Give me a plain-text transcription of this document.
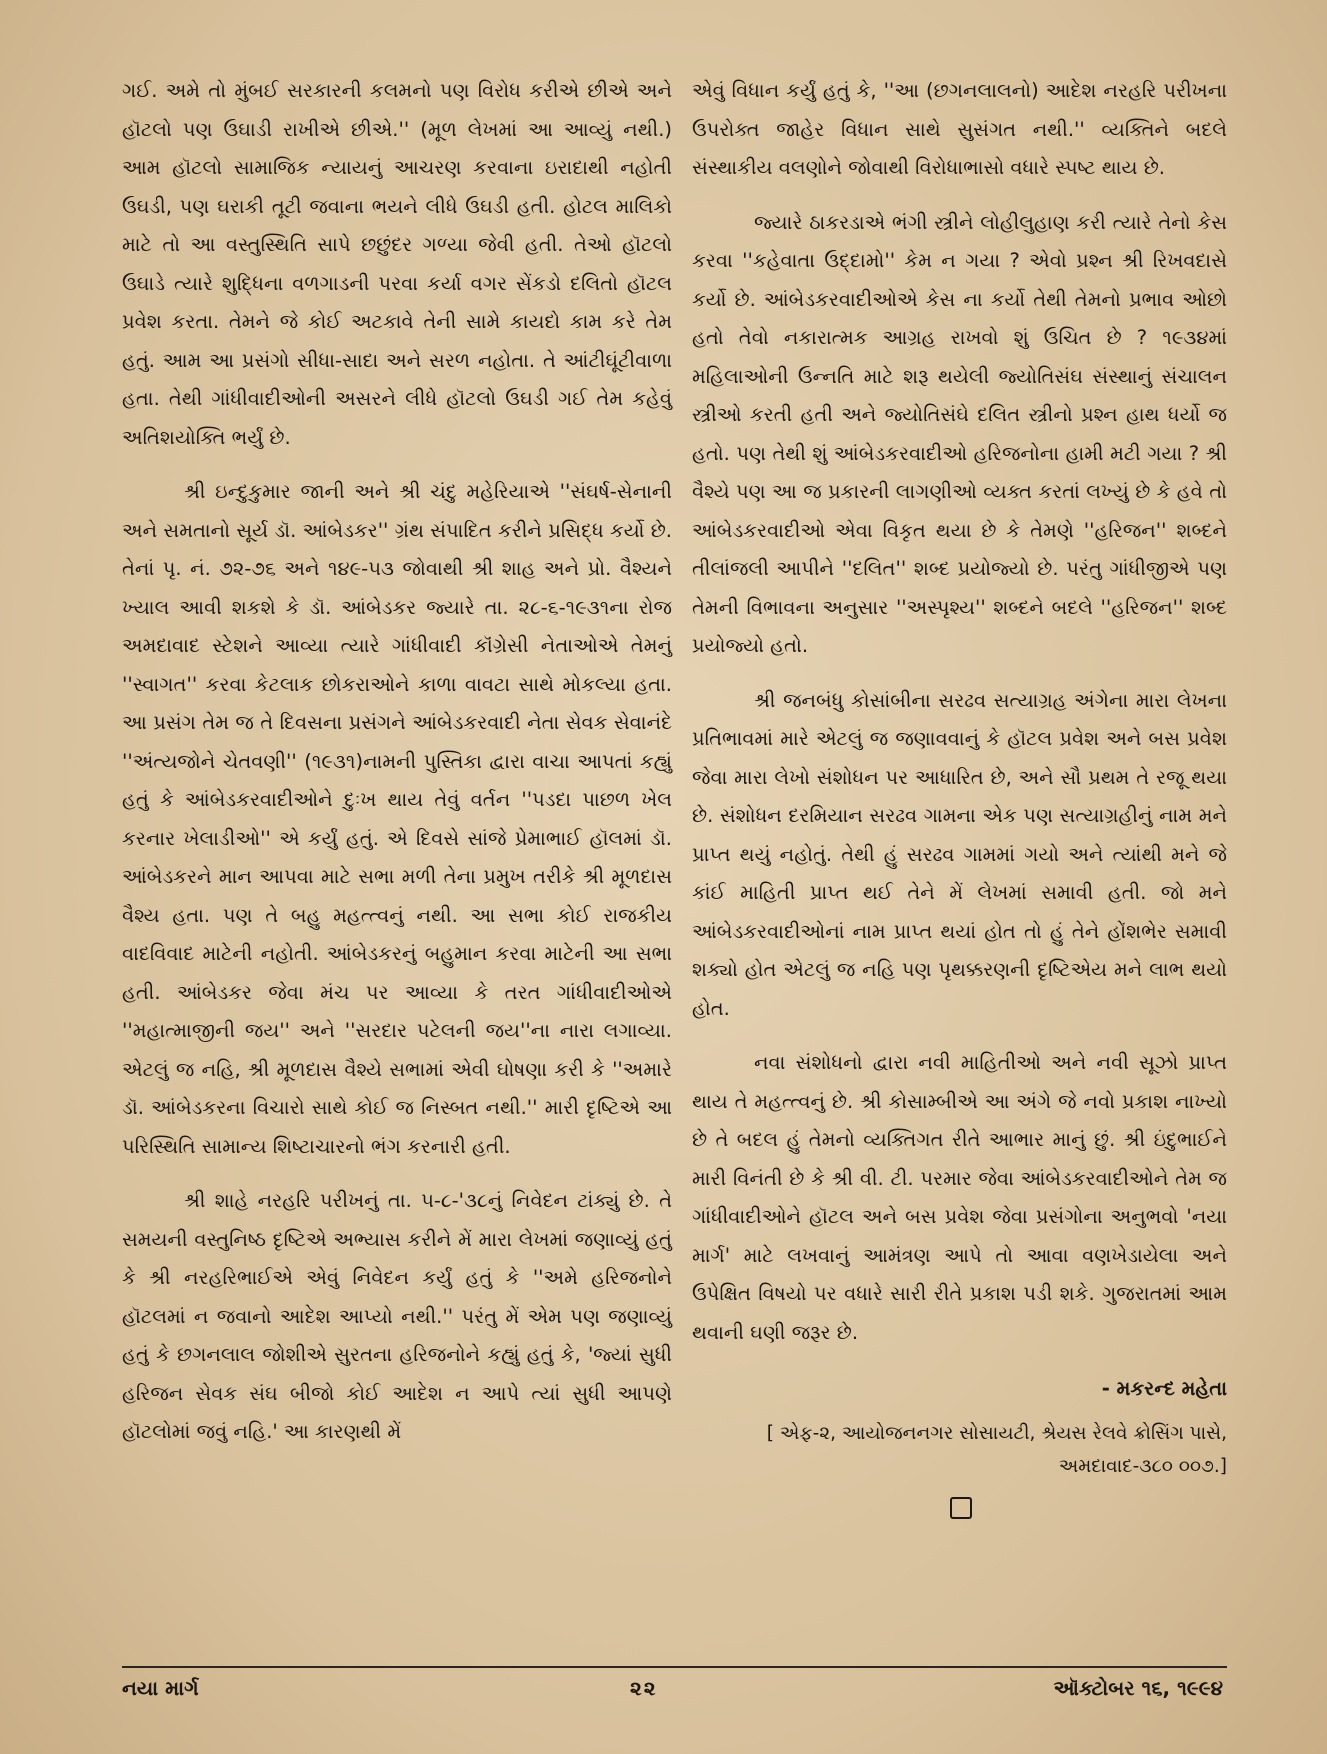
ગઈ. અમે તો મુંબઈ સરકારની કલમનો પણ વિરોધ કરીએ છીએ અને હૉટલો પણ ઉઘાડી રાખીએ છીએ.'' (મૂળ લેખમાં આ આવ્યું નથી.) આમ હૉટલો સામાજિક ન્યાયનું આચરણ કરવાના ઇરાદાથી નહોતી ઉઘડી, પણ ઘરાકી તૂટી જવાના ભયને લીધે ઉઘડી હતી. હોટલ માલિકો માટે તો આ વસ્તુસ્થિતિ સાપે છછુંદર ગળ્યા જેવી હતી. તેઓ હૉટલો ઉઘાડે ત્યારે શુદ્ધિના વળગાડની પરવા કર્યા વગર સેંકડો દલિતો હૉટલ પ્રવેશ કરતા. તેમને જે કોઈ અટકાવે તેની સામે કાયદો કામ કરે તેમ હતું. આમ આ પ્રસંગો સીધા-સાદા અને સરળ નહોતા. તે આંટીઘૂંટીવાળા હતા. તેથી ગાંધીવાદીઓની અસરને લીધે હૉટલો ઉઘડી ગઈ તેમ કહેવું અતિશયોક્તિ ભર્યું છે.

શ્રી ઇન્દુકુમાર જાની અને શ્રી ચંદુ મહેરિયાએ ''સંઘર્ષ-સેનાની અને સમતાનો સૂર્ય ડૉ. આંબેડકર'' ગ્રંથ સંપાદિત કરીને પ્રસિદ્ધ કર્યો છે. તેનાં પૃ. નં. ૭૨-૭૬ અને ૧૪૯-૫૩ જોવાથી શ્રી શાહ અને પ્રો. વૈશ્યને ખ્યાલ આવી શકશે કે ડૉ. આંબેડકર જ્યારે તા. ૨૮-૬-૧૯૩૧ના રોજ અમદાવાદ સ્ટેશને આવ્યા ત્યારે ગાંધીવાદી કૉંગ્રેસી નેતાઓએ તેમનું ''સ્વાગત'' કરવા કેટલાક છોકરાઓને કાળા વાવટા સાથે મોકલ્યા હતા. આ પ્રસંગ તેમ જ તે દિવસના પ્રસંગને આંબેડકરવાદી નેતા સેવક સેવાનંદે ''અંત્યજોને ચેતવણી'' (૧૯૩૧)નામની પુસ્તિકા દ્વારા વાચા આપતાં કહ્યું હતું કે આંબેડકરવાદીઓને દુઃખ થાય તેવું વર્તન ''પડદા પાછળ ખેલ કરનાર ખેલાડીઓ'' એ કર્યું હતું. એ દિવસે સાંજે પ્રેમાભાઈ હૉલમાં ડૉ. આંબેડકરને માન આપવા માટે સભા મળી તેના પ્રમુખ તરીકે શ્રી મૂળદાસ વૈશ્ય હતા. પણ તે બહુ મહત્ત્વનું નથી. આ સભા કોઈ રાજકીય વાદવિવાદ માટેની નહોતી. આંબેડકરનું બહુમાન કરવા માટેની આ સભા હતી. આંબેડકર જેવા મંચ પર આવ્યા કે તરત ગાંધીવાદીઓએ ''મહાત્માજીની જય'' અને ''સરદાર પટેલની જય''ના નારા લગાવ્યા. એટલું જ નહિ, શ્રી મૂળદાસ વૈશ્યે સભામાં એવી ઘોષણા કરી કે ''અમારે ડૉ. આંબેડકરના વિચારો સાથે કોઈ જ નિસ્બત નથી.'' મારી દૃષ્ટિએ આ પરિસ્થિતિ સામાન્ય શિષ્ટાચારનો ભંગ કરનારી હતી.

શ્રી શાહે નરહરિ પરીખનું તા. ૫-૮-'૩૮નું નિવેદન ટાંક્યું છે. તે સમયની વસ્તુનિષ્ઠ દૃષ્ટિએ અભ્યાસ કરીને મેં મારા લેખમાં જણાવ્યું હતું કે શ્રી નરહરિભાઈએ એવું નિવેદન કર્યું હતું કે ''અમે હરિજનોને હૉટલમાં ન જવાનો આદેશ આપ્યો નથી.'' પરંતુ મેં એમ પણ જણાવ્યું હતું કે છગનલાલ જોશીએ સુરતના હરિજનોને કહ્યું હતું કે, 'જ્યાં સુધી હરિજન સેવક સંઘ બીજો કોઈ આદેશ ન આપે ત્યાં સુધી આપણે હૉટલોમાં જવું નહિ.' આ કારણથી મેં

એવું વિધાન કર્યું હતું કે, ''આ (છગનલાલનો) આદેશ નરહરિ પરીખના ઉપરોક્ત જાહેર વિધાન સાથે સુસંગત નથી.'' વ્યક્તિને બદલે સંસ્થાકીય વલણોને જોવાથી વિરોધાભાસો વધારે સ્પષ્ટ થાય છે.

જ્યારે ઠાકરડાએ ભંગી સ્ત્રીને લોહીલુહાણ કરી ત્યારે તેનો કેસ કરવા ''કહેવાતા ઉદ્દામો'' કેમ ન ગયા ? એવો પ્રશ્ન શ્રી રિખવદાસે કર્યો છે. આંબેડકરવાદીઓએ કેસ ના કર્યો તેથી તેમનો પ્રભાવ ઓછો હતો તેવો નકારાત્મક આગ્રહ રાખવો શું ઉચિત છે ? ૧૯૩૪માં મહિલાઓની ઉન્નતિ માટે શરૂ થયેલી જ્યોતિસંઘ સંસ્થાનું સંચાલન સ્ત્રીઓ કરતી હતી અને જ્યોતિસંઘે દલિત સ્ત્રીનો પ્રશ્ન હાથ ધર્યો જ હતો. પણ તેથી શું આંબેડકરવાદીઓ હરિજનોના હામી મટી ગયા ? શ્રી વૈશ્યે પણ આ જ પ્રકારની લાગણીઓ વ્યક્ત કરતાં લખ્યું છે કે હવે તો આંબેડકરવાદીઓ એવા વિકૃત થયા છે કે તેમણે ''હરિજન'' શબ્દને તીલાંજલી આપીને ''દલિત'' શબ્દ પ્રયોજ્યો છે. પરંતુ ગાંધીજીએ પણ તેમની વિભાવના અનુસાર ''અસ્પૃશ્ય'' શબ્દને બદલે ''હરિજન'' શબ્દ પ્રયોજ્યો હતો.

શ્રી જનબંધુ કોસાંબીના સરઢવ સત્યાગ્રહ અંગેના મારા લેખના પ્રતિભાવમાં મારે એટલું જ જણાવવાનું કે હૉટલ પ્રવેશ અને બસ પ્રવેશ જેવા મારા લેખો સંશોધન પર આધારિત છે, અને સૌ પ્રથમ તે રજૂ થયા છે. સંશોધન દરમિયાન સરઢવ ગામના એક પણ સત્યાગ્રહીનું નામ મને પ્રાપ્ત થયું નહોતું. તેથી હું સરઢવ ગામમાં ગયો અને ત્યાંથી મને જે કાંઈ માહિતી પ્રાપ્ત થઈ તેને મેં લેખમાં સમાવી હતી. જો મને આંબેડકરવાદીઓનાં નામ પ્રાપ્ત થયાં હોત તો હું તેને હોંશભેર સમાવી શક્યો હોત એટલું જ નહિ પણ પૃથક્કરણની દૃષ્ટિએય મને લાભ થયો હોત.

નવા સંશોધનો દ્વારા નવી માહિતીઓ અને નવી સૂઝો પ્રાપ્ત થાય તે મહત્ત્વનું છે. શ્રી કોસામ્બીએ આ અંગે જે નવો પ્રકાશ નાખ્યો છે તે બદલ હું તેમનો વ્યક્તિગત રીતે આભાર માનું છું. શ્રી ઇંદુભાઈને મારી વિનંતી છે કે શ્રી વી. ટી. પરમાર જેવા આંબેડકરવાદીઓને તેમ જ ગાંધીવાદીઓને હૉટલ અને બસ પ્રવેશ જેવા પ્રસંગોના અનુભવો 'નયા માર્ગ' માટે લખવાનું આમંત્રણ આપે તો આવા વણખેડાયેલા અને ઉપેક્ષિત વિષયો પર વધારે સારી રીતે પ્રકાશ પડી શકે. ગુજરાતમાં આમ થવાની ઘણી જરૂર છે.

- મકરન્દ મહેતા

[ એફ-૨, આયોજનનગર સોસાયટી, શ્રેયસ રેલવે ક્રોસિંગ પાસે,
અમદાવાદ-૩૮૦ ૦૦૭.]

નયા માર્ગ	૨૨	ઑક્ટોબર ૧૬, ૧૯૯૪
